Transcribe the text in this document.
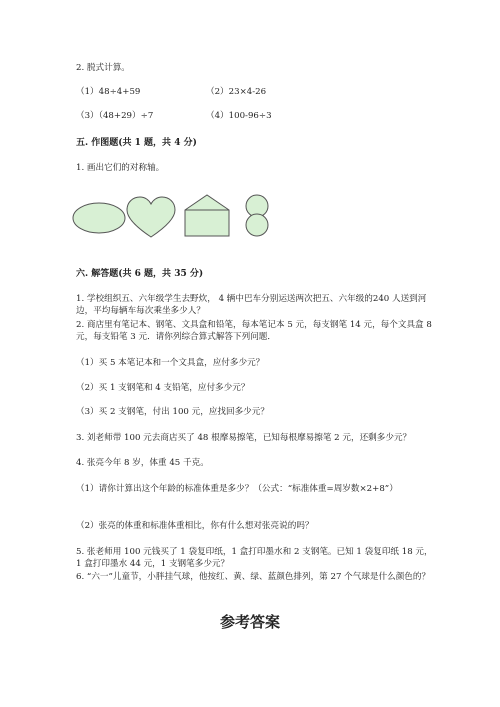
2. 脱式计算。

（1）48÷4+59	（2）23×4-26

（3）（48+29）÷7	（4）100-96÷3

五. 作图题(共 1 题，共 4 分)

1. 画出它们的对称轴。

六. 解答题(共 6 题，共 35 分)

1. 学校组织五、六年级学生去野炊， 4 辆中巴车分别运送两次把五、六年级的240 人送到河边，平均每辆车每次乘坐多少人？

2. 商店里有笔记本、钢笔、文具盒和铅笔，每本笔记本 5 元，每支钢笔 14 元，每个文具盒 8 元，每支铅笔 3 元．请你列综合算式解答下列问题．

（1）买 5 本笔记本和一个文具盒，应付多少元？

（2）买 1 支钢笔和 4 支铅笔，应付多少元？

（3）买 2 支钢笔，付出 100 元，应找回多少元？

3. 刘老师带 100 元去商店买了 48 根摩易擦笔，已知每根摩易擦笔 2 元，还剩多少元？

4. 张亮今年 8 岁，体重 45 千克。

（1）请你计算出这个年龄的标准体重是多少？（公式：“标准体重=周岁数×2+8”）

（2）张亮的体重和标准体重相比，你有什么想对张亮说的吗？

5. 张老师用 100 元钱买了 1 袋复印纸，1 盒打印墨水和 2 支钢笔。已知 1 袋复印纸 18 元，1 盒打印墨水 44 元，1 支钢笔多少元？

6. “六一”儿童节，小胖挂气球，他按红、黄、绿、蓝颜色排列，第 27 个气球是什么颜色的？

参考答案
